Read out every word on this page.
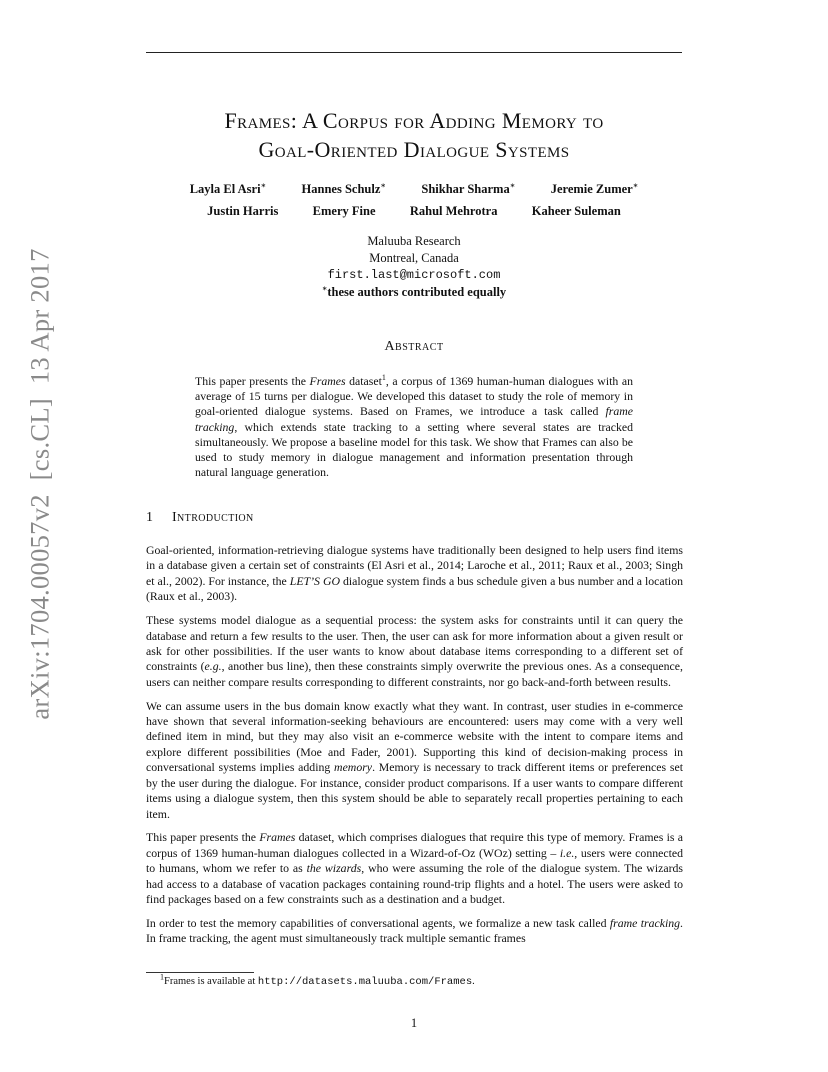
Frames: A Corpus for Adding Memory to
Goal-Oriented Dialogue Systems
Layla El Asri∗	Hannes Schulz∗	Shikhar Sharma∗	Jeremie Zumer∗
Justin Harris	Emery Fine	Rahul Mehrotra	Kaheer Suleman
Maluuba Research
Montreal, Canada
first.last@microsoft.com
∗these authors contributed equally
Abstract
This paper presents the Frames dataset$^1$, a corpus of 1369 human-human dialogues with an average of 15 turns per dialogue. We developed this dataset to study the role of memory in goal-oriented dialogue systems. Based on Frames, we introduce a task called frame tracking, which extends state tracking to a setting where several states are tracked simultaneously. We propose a baseline model for this task. We show that Frames can also be used to study memory in dialogue management and information presentation through natural language generation.
1 Introduction

Goal-oriented, information-retrieving dialogue systems have traditionally been designed to help users find items in a database given a certain set of constraints (El Asri et al., 2014; Laroche et al., 2011; Raux et al., 2003; Singh et al., 2002). For instance, the LET’S GO dialogue system finds a bus schedule given a bus number and a location (Raux et al., 2003).

These systems model dialogue as a sequential process: the system asks for constraints until it can query the database and return a few results to the user. Then, the user can ask for more information about a given result or ask for other possibilities. If the user wants to know about database items corresponding to a different set of constraints (e.g., another bus line), then these constraints simply overwrite the previous ones. As a consequence, users can neither compare results corresponding to different constraints, nor go back-and-forth between results.

We can assume users in the bus domain know exactly what they want. In contrast, user studies in e-commerce have shown that several information-seeking behaviours are encountered: users may come with a very well defined item in mind, but they may also visit an e-commerce website with the intent to compare items and explore different possibilities (Moe and Fader, 2001). Supporting this kind of decision-making process in conversational systems implies adding memory. Memory is necessary to track different items or preferences set by the user during the dialogue. For instance, consider product comparisons. If a user wants to compare different items using a dialogue system, then this system should be able to separately recall properties pertaining to each item.

This paper presents the Frames dataset, which comprises dialogues that require this type of memory. Frames is a corpus of 1369 human-human dialogues collected in a Wizard-of-Oz (WOz) setting – i.e., users were connected to humans, whom we refer to as the wizards, who were assuming the role of the dialogue system. The wizards had access to a database of vacation packages containing round-trip flights and a hotel. The users were asked to find packages based on a few constraints such as a destination and a budget.

In order to test the memory capabilities of conversational agents, we formalize a new task called frame tracking. In frame tracking, the agent must simultaneously track multiple semantic frames

$^1$Frames is available at http://datasets.maluuba.com/Frames.
1
arXiv:1704.00057v2  [cs.CL]  13 Apr 2017
